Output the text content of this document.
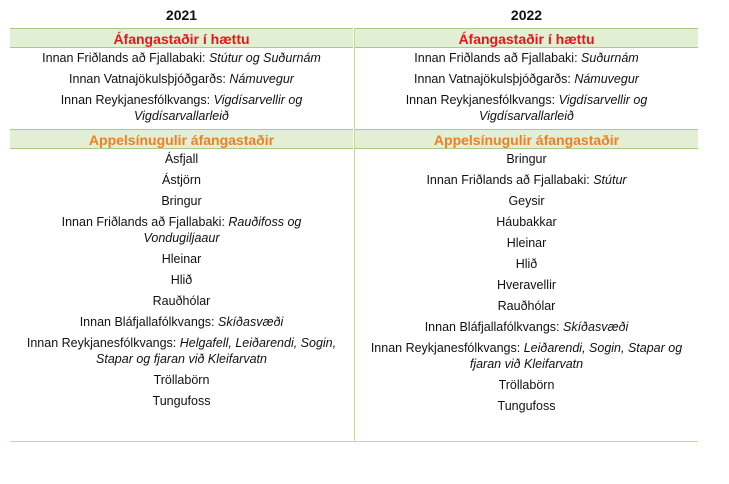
2021
Áfangastaðir í hættu
Innan Friðlands að Fjallabaki: Stútur og Suðurnám
Innan Vatnajökulsþjóðgarðs: Námuvegur
Innan Reykjanesfólkvangs: Vigdísarvellir og Vigdísarvallarleið
Appelsínugulir áfangastaðir
Ásfjall
Ástjörn
Bringur
Innan Friðlands að Fjallabaki: Rauðifoss og Vondugiljaaur
Hleinar
Hlið
Rauðhólar
Innan Bláfjallafólkvangs: Skíðasvæði
Innan Reykjanesfólkvangs: Helgafell, Leiðarendi, Sogin, Stapar og fjaran við Kleifarvatn
Tröllabörn
Tungufoss
2022
Áfangastaðir í hættu
Innan Friðlands að Fjallabaki: Suðurnám
Innan Vatnajökulsþjóðgarðs: Námuvegur
Innan Reykjanesfólkvangs: Vigdísarvellir og Vigdísarvallarleið
Appelsínugulir áfangastaðir
Bringur
Innan Friðlands að Fjallabaki: Stútur
Geysir
Háubakkar
Hleinar
Hlið
Hveravellir
Rauðhólar
Innan Bláfjallafólkvangs: Skíðasvæði
Innan Reykjanesfólkvangs: Leiðarendi, Sogin, Stapar og fjaran við Kleifarvatn
Tröllabörn
Tungufoss
